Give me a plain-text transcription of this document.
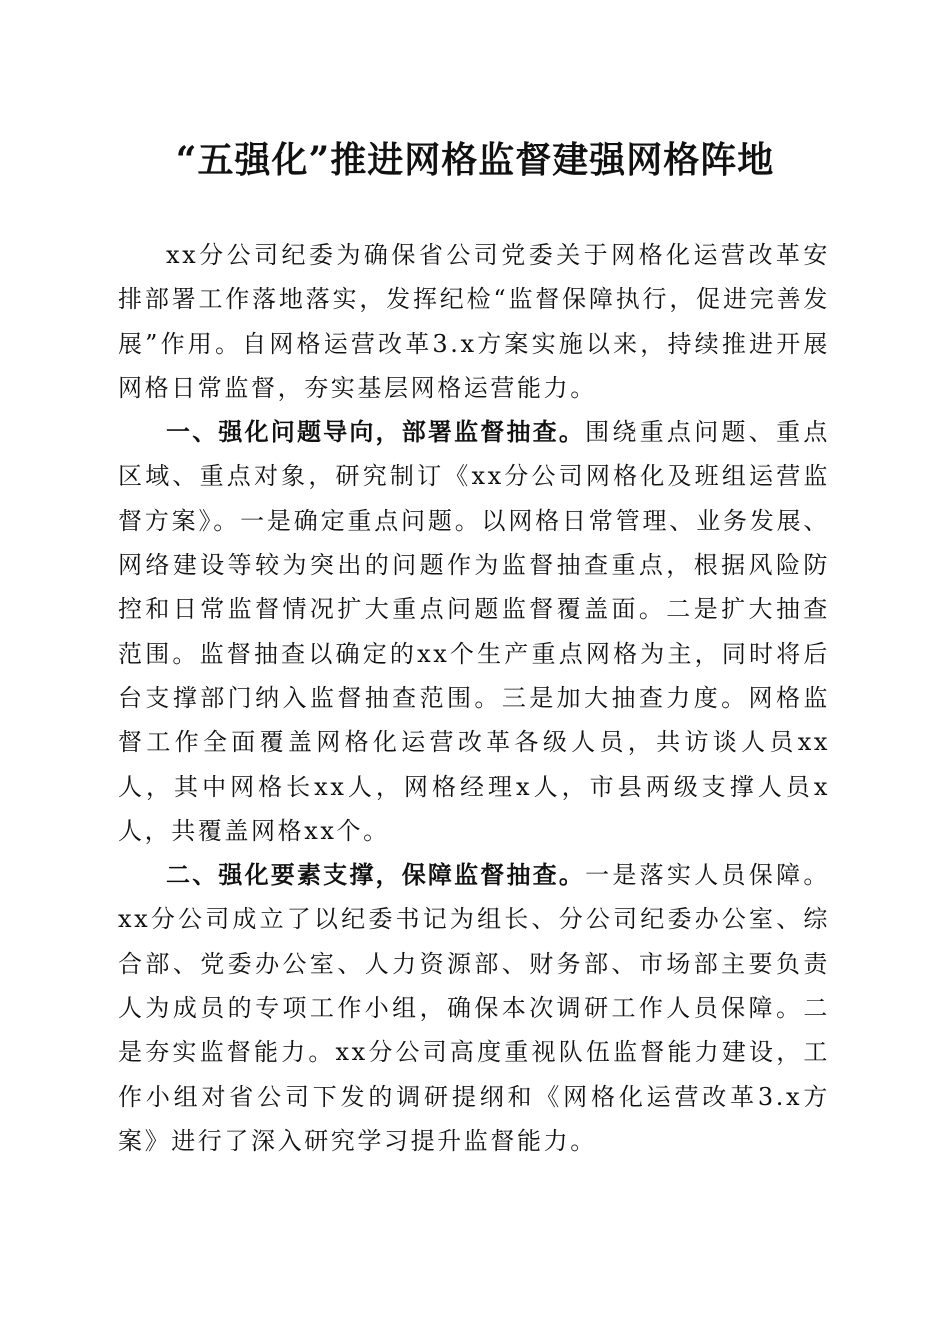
“五强化”推进网格监督建强网格阵地

xx分公司纪委为确保省公司党委关于网格化运营改革安排部署工作落地落实，发挥纪检“监督保障执行，促进完善发展”作用。自网格运营改革3.x方案实施以来，持续推进开展网格日常监督，夯实基层网格运营能力。

一、强化问题导向，部署监督抽查。围绕重点问题、重点区域、重点对象，研究制订《xx分公司网格化及班组运营监督方案》。一是确定重点问题。以网格日常管理、业务发展、网络建设等较为突出的问题作为监督抽查重点，根据风险防控和日常监督情况扩大重点问题监督覆盖面。二是扩大抽查范围。监督抽查以确定的xx个生产重点网格为主，同时将后台支撑部门纳入监督抽查范围。三是加大抽查力度。网格监督工作全面覆盖网格化运营改革各级人员，共访谈人员xx人，其中网格长xx人，网格经理x人，市县两级支撑人员x人，共覆盖网格xx个。

二、强化要素支撑，保障监督抽查。一是落实人员保障。xx分公司成立了以纪委书记为组长、分公司纪委办公室、综合部、党委办公室、人力资源部、财务部、市场部主要负责人为成员的专项工作小组，确保本次调研工作人员保障。二是夯实监督能力。xx分公司高度重视队伍监督能力建设，工作小组对省公司下发的调研提纲和《网格化运营改革3.x方案》进行了深入研究学习提升监督能力。
